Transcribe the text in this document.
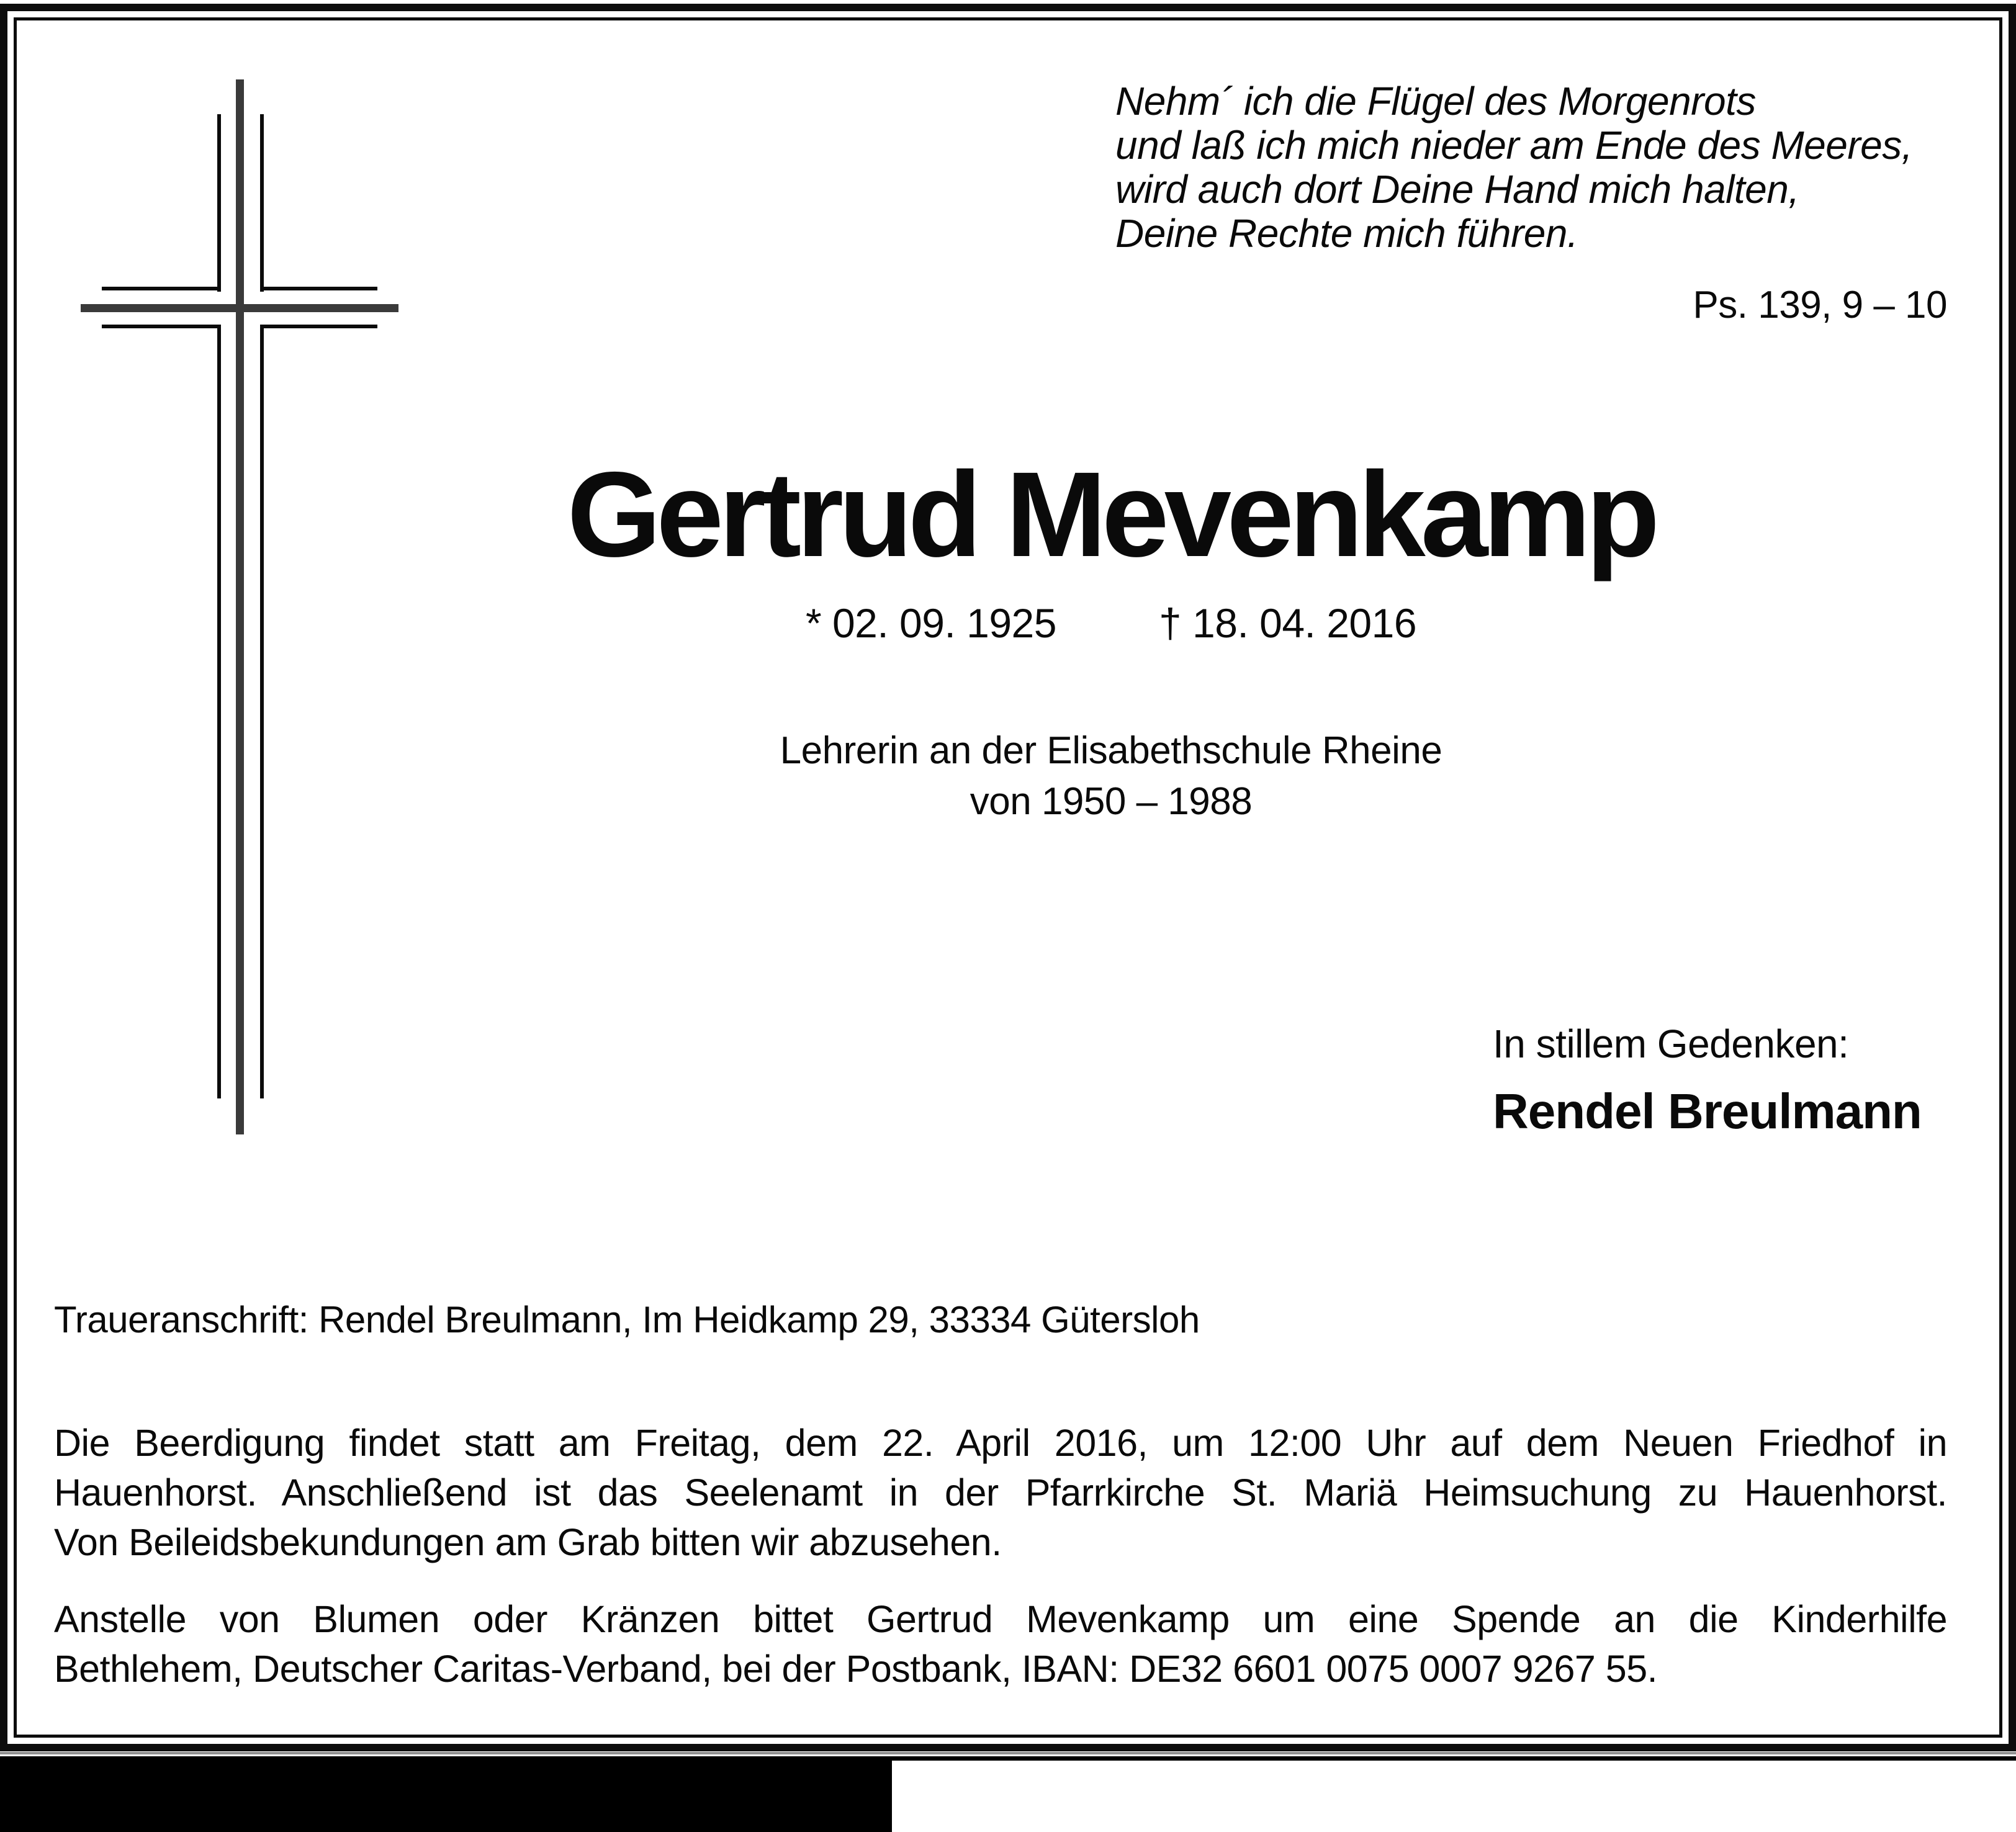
Nehm´ ich die Flügel des Morgenrots
und laß ich mich nieder am Ende des Meeres,
wird auch dort Deine Hand mich halten,
Deine Rechte mich führen.
Ps. 139, 9 – 10
Gertrud Mevenkamp
* 02. 09. 1925	† 18. 04. 2016
Lehrerin an der Elisabethschule Rheine
von 1950 – 1988
In stillem Gedenken:
Rendel Breulmann
Traueranschrift: Rendel Breulmann, Im Heidkamp 29, 33334 Gütersloh
Die Beerdigung findet statt am Freitag, dem 22. April 2016, um 12:00 Uhr auf dem Neuen Friedhof in
Hauenhorst. Anschließend ist das Seelenamt in der Pfarrkirche St. Mariä Heimsuchung zu Hauenhorst.
Von Beileidsbekundungen am Grab bitten wir abzusehen.
Anstelle von Blumen oder Kränzen bittet Gertrud Mevenkamp um eine Spende an die Kinderhilfe
Bethlehem, Deutscher Caritas-Verband, bei der Postbank, IBAN: DE32 6601 0075 0007 9267 55.
